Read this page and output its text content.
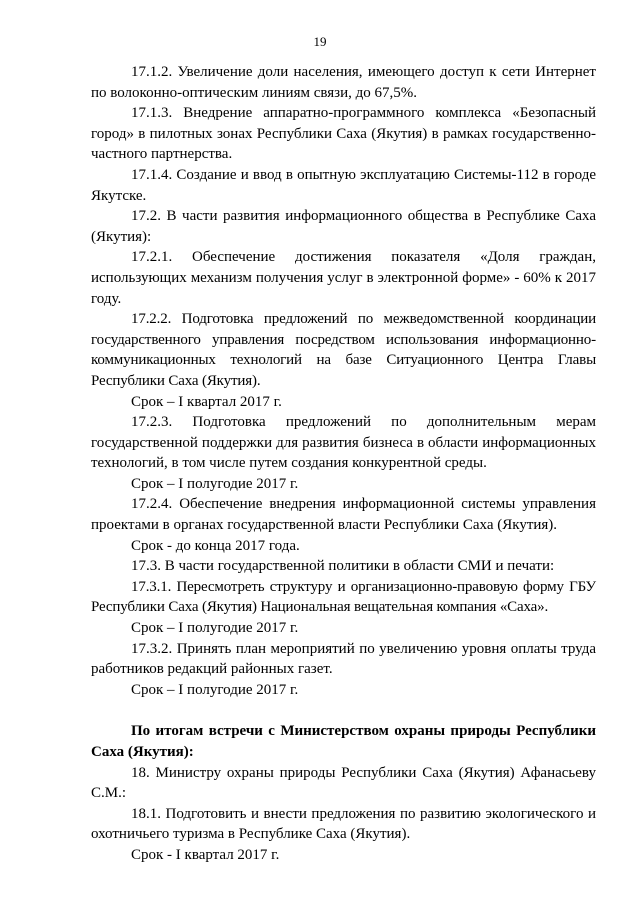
19

17.1.2. Увеличение доли населения, имеющего доступ к сети Интернет по волоконно-оптическим линиям связи, до 67,5%.

17.1.3. Внедрение аппаратно-программного комплекса «Безопасный город» в пилотных зонах Республики Саха (Якутия) в рамках государственно-частного партнерства.

17.1.4. Создание и ввод в опытную эксплуатацию Системы-112 в городе Якутске.

17.2. В части развития информационного общества в Республике Саха (Якутия):

17.2.1. Обеспечение достижения показателя «Доля граждан, использующих механизм получения услуг в электронной форме» - 60% к 2017 году.

17.2.2. Подготовка предложений по межведомственной координации государственного управления посредством использования информационно-коммуникационных технологий на базе Ситуационного Центра Главы Республики Саха (Якутия).

Срок – I квартал 2017 г.

17.2.3. Подготовка предложений по дополнительным мерам государственной поддержки для развития бизнеса в области информационных технологий, в том числе путем создания конкурентной среды.

Срок – I полугодие 2017 г.

17.2.4. Обеспечение внедрения информационной системы управления проектами в органах государственной власти Республики Саха (Якутия).

Срок - до конца 2017 года.

17.3. В части государственной политики в области СМИ и печати:

17.3.1. Пересмотреть структуру и организационно-правовую форму ГБУ Республики Саха (Якутия) Национальная вещательная компания «Саха».

Срок – I полугодие 2017 г.

17.3.2. Принять план мероприятий по увеличению уровня оплаты труда работников редакций районных газет.

Срок – I полугодие 2017 г.

По итогам встречи с Министерством охраны природы Республики Саха (Якутия):

18. Министру охраны природы Республики Саха (Якутия) Афанасьеву С.М.:

18.1. Подготовить и внести предложения по развитию экологического и охотничьего туризма в Республике Саха (Якутия).

Срок - I квартал 2017 г.
